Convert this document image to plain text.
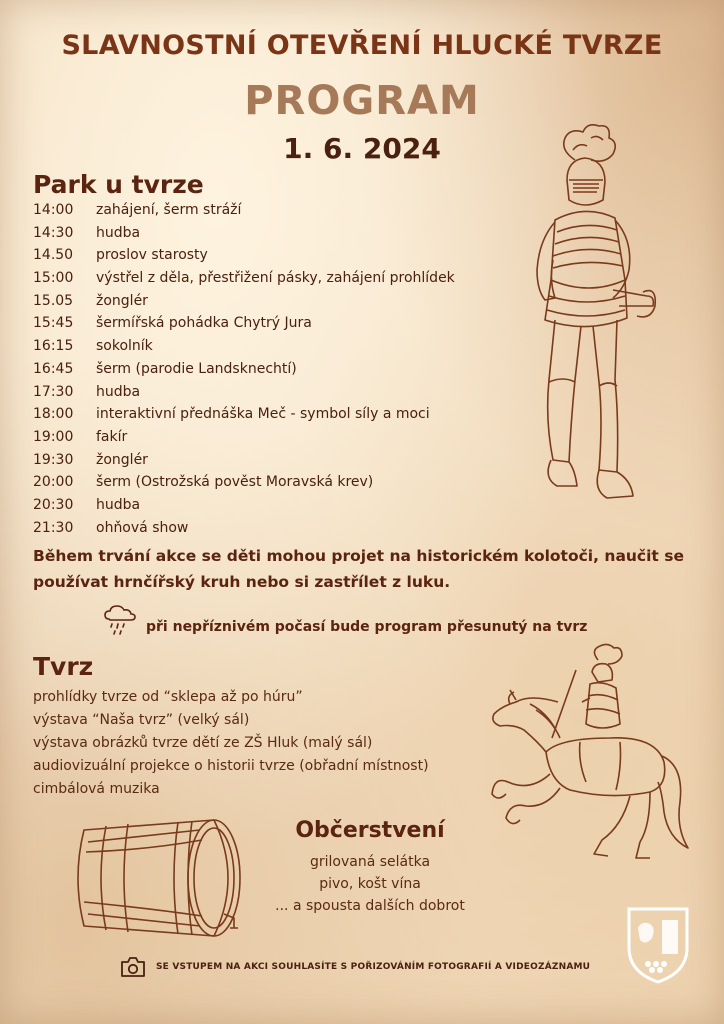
SLAVNOSTNÍ OTEVŘENÍ HLUCKÉ TVRZE
PROGRAM
1. 6. 2024
Park u tvrze
14:00	zahájení, šerm stráží
14:30	hudba
14.50	proslov starosty
15:00	výstřel z děla, přestřižení pásky, zahájení prohlídek
15.05	žonglér
15:45	šermířská pohádka Chytrý Jura
16:15	sokolník
16:45	šerm (parodie Landsknechtí)
17:30	hudba
18:00	interaktivní přednáška Meč - symbol síly a moci
19:00	fakír
19:30	žonglér
20:00	šerm (Ostrožská pověst Moravská krev)
20:30	hudba
21:30	ohňová show
Během trvání akce se děti mohou projet na historickém kolotoči, naučit se používat hrnčířský kruh nebo si zastřílet z luku.
při nepříznivém počasí bude program přesunutý na tvrz
Tvrz
prohlídky tvrze od “sklepa až po húru”
výstava “Naša tvrz” (velký sál)
výstava obrázků tvrze dětí ze ZŠ Hluk (malý sál)
audiovizuální projekce o historii tvrze (obřadní místnost)
cimbálová muzika
Občerstvení
grilovaná selátka
pivo, košt vína
... a spousta dalších dobrot
SE VSTUPEM NA AKCI SOUHLASÍTE S POŘIZOVÁNÍM FOTOGRAFIÍ A VIDEOZÁZNAMU
